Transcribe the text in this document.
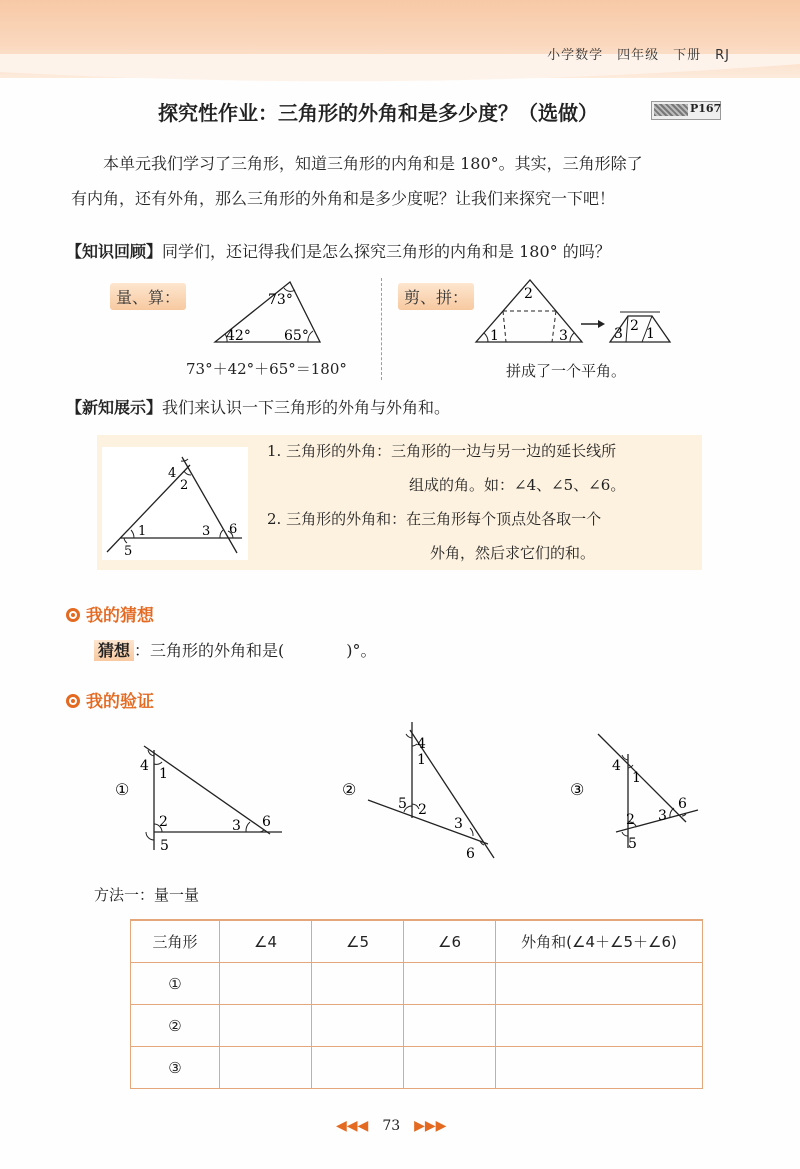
小学数学 四年级 下册 RJ
探究性作业：三角形的外角和是多少度？（选做）	P167
本单元我们学习了三角形，知道三角形的内角和是 180°。其实，三角形除了
有内角，还有外角，那么三角形的外角和是多少度呢？让我们来探究一下吧！
【知识回顾】同学们，还记得我们是怎么探究三角形的内角和是 180° 的吗？
量、算：	剪、拼：
73°
42° 65°
73°＋42°＋65°＝180°
2
1	3	3 2 1
拼成了一个平角。
【新知展示】我们来认识一下三角形的外角与外角和。
1
2
3
4
5
6
1. 三角形的外角：三角形的一边与另一边的延长线所
组成的角。如：∠4、∠5、∠6。
2. 三角形的外角和：在三角形每个顶点处各取一个
外角，然后求它们的和。
我的猜想
猜想 ：三角形的外角和是(	)°。
我的验证
①
1
2	3
4
5
6
②
1
2
3
4
5
6
③
1
2 3
4
5
6
方法一：量一量
三角形	∠4	∠5	∠6	外角和(∠4＋∠5＋∠6)
①				
②				
③				
◀◀◀ 73 ▶▶▶
